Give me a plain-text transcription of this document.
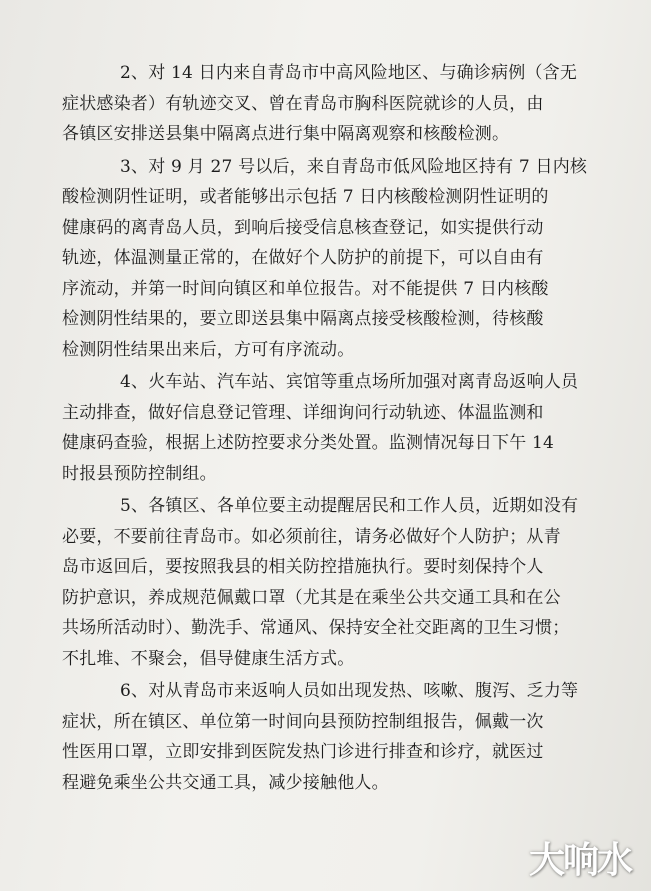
2、对 14 日内来自青岛市中高风险地区、与确诊病例（含无
症状感染者）有轨迹交叉、曾在青岛市胸科医院就诊的人员，由
各镇区安排送县集中隔离点进行集中隔离观察和核酸检测。
3、对 9 月 27 号以后，来自青岛市低风险地区持有 7 日内核
酸检测阴性证明，或者能够出示包括 7 日内核酸检测阴性证明的
健康码的离青岛人员，到响后接受信息核查登记，如实提供行动
轨迹，体温测量正常的，在做好个人防护的前提下，可以自由有
序流动，并第一时间向镇区和单位报告。对不能提供 7 日内核酸
检测阴性结果的，要立即送县集中隔离点接受核酸检测，待核酸
检测阴性结果出来后，方可有序流动。
4、火车站、汽车站、宾馆等重点场所加强对离青岛返响人员
主动排查，做好信息登记管理、详细询问行动轨迹、体温监测和
健康码查验，根据上述防控要求分类处置。监测情况每日下午 14
时报县预防控制组。
5、各镇区、各单位要主动提醒居民和工作人员，近期如没有
必要，不要前往青岛市。如必须前往，请务必做好个人防护；从青
岛市返回后，要按照我县的相关防控措施执行。要时刻保持个人
防护意识，养成规范佩戴口罩（尤其是在乘坐公共交通工具和在公
共场所活动时）、勤洗手、常通风、保持安全社交距离的卫生习惯；
不扎堆、不聚会，倡导健康生活方式。
6、对从青岛市来返响人员如出现发热、咳嗽、腹泻、乏力等
症状，所在镇区、单位第一时间向县预防控制组报告，佩戴一次
性医用口罩，立即安排到医院发热门诊进行排查和诊疗，就医过
程避免乘坐公共交通工具，减少接触他人。
大响水
